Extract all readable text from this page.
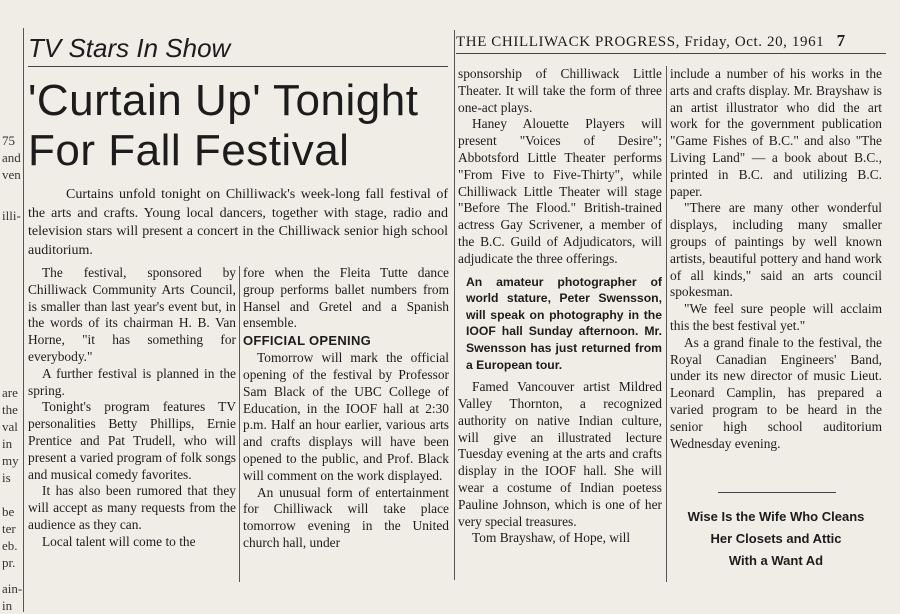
75
and
ven
illi-
are
the
val
in
my
is
be
ter
eb.
pr.
ain-
in
THE CHILLIWACK PROGRESS, Friday, Oct. 20, 1961 7
TV Stars In Show
'Curtain Up' Tonight
For Fall Festival

Curtains unfold tonight on Chilliwack's week-long fall festival of the arts and crafts. Young local dancers, together with stage, radio and television stars will present a concert in the Chilliwack senior high school auditorium.

The festival, sponsored by Chilliwack Community Arts Council, is smaller than last year's event but, in the words of its chairman H. B. Van Horne, "it has something for everybody."

A further festival is planned in the spring.

Tonight's program features TV personalities Betty Phillips, Ernie Prentice and Pat Trudell, who will present a varied program of folk songs and musical comedy favorites.

It has also been rumored that they will accept as many requests from the audience as they can.

Local talent will come to the

fore when the Fleita Tutte dance group performs ballet numbers from Hansel and Gretel and a Spanish ensemble.

OFFICIAL OPENING

Tomorrow will mark the official opening of the festival by Professor Sam Black of the UBC College of Education, in the IOOF hall at 2:30 p.m. Half an hour earlier, various arts and crafts displays will have been opened to the public, and Prof. Black will comment on the work displayed.

An unusual form of entertainment for Chilliwack will take place tomorrow evening in the United church hall, under

sponsorship of Chilliwack Little Theater. It will take the form of three one-act plays.

Haney Alouette Players will present "Voices of Desire"; Abbotsford Little Theater performs "From Five to Five-Thirty", while Chilliwack Little Theater will stage "Before The Flood." British-trained actress Gay Scrivener, a member of the B.C. Guild of Adjudicators, will adjudicate the three offerings.

An amateur photographer of world stature, Peter Swensson, will speak on photography in the IOOF hall Sunday afternoon. Mr. Swensson has just returned from a European tour.

Famed Vancouver artist Mildred Valley Thornton, a recognized authority on native Indian culture, will give an illustrated lecture Tuesday evening at the arts and crafts display in the IOOF hall. She will wear a costume of Indian poetess Pauline Johnson, which is one of her very special treasures.

Tom Brayshaw, of Hope, will

include a number of his works in the arts and crafts display. Mr. Brayshaw is an artist illustrator who did the art work for the government publication "Game Fishes of B.C." and also "The Living Land" — a book about B.C., printed in B.C. and utilizing B.C. paper.

"There are many other wonderful displays, including many smaller groups of paintings by well known artists, beautiful pottery and hand work of all kinds," said an arts council spokesman.

"We feel sure people will acclaim this the best festival yet."

As a grand finale to the festival, the Royal Canadian Engineers' Band, under its new director of music Lieut. Leonard Camplin, has prepared a varied program to be heard in the senior high school auditorium Wednesday evening.

Wise Is the Wife Who Cleans
Her Closets and Attic
With a Want Ad
